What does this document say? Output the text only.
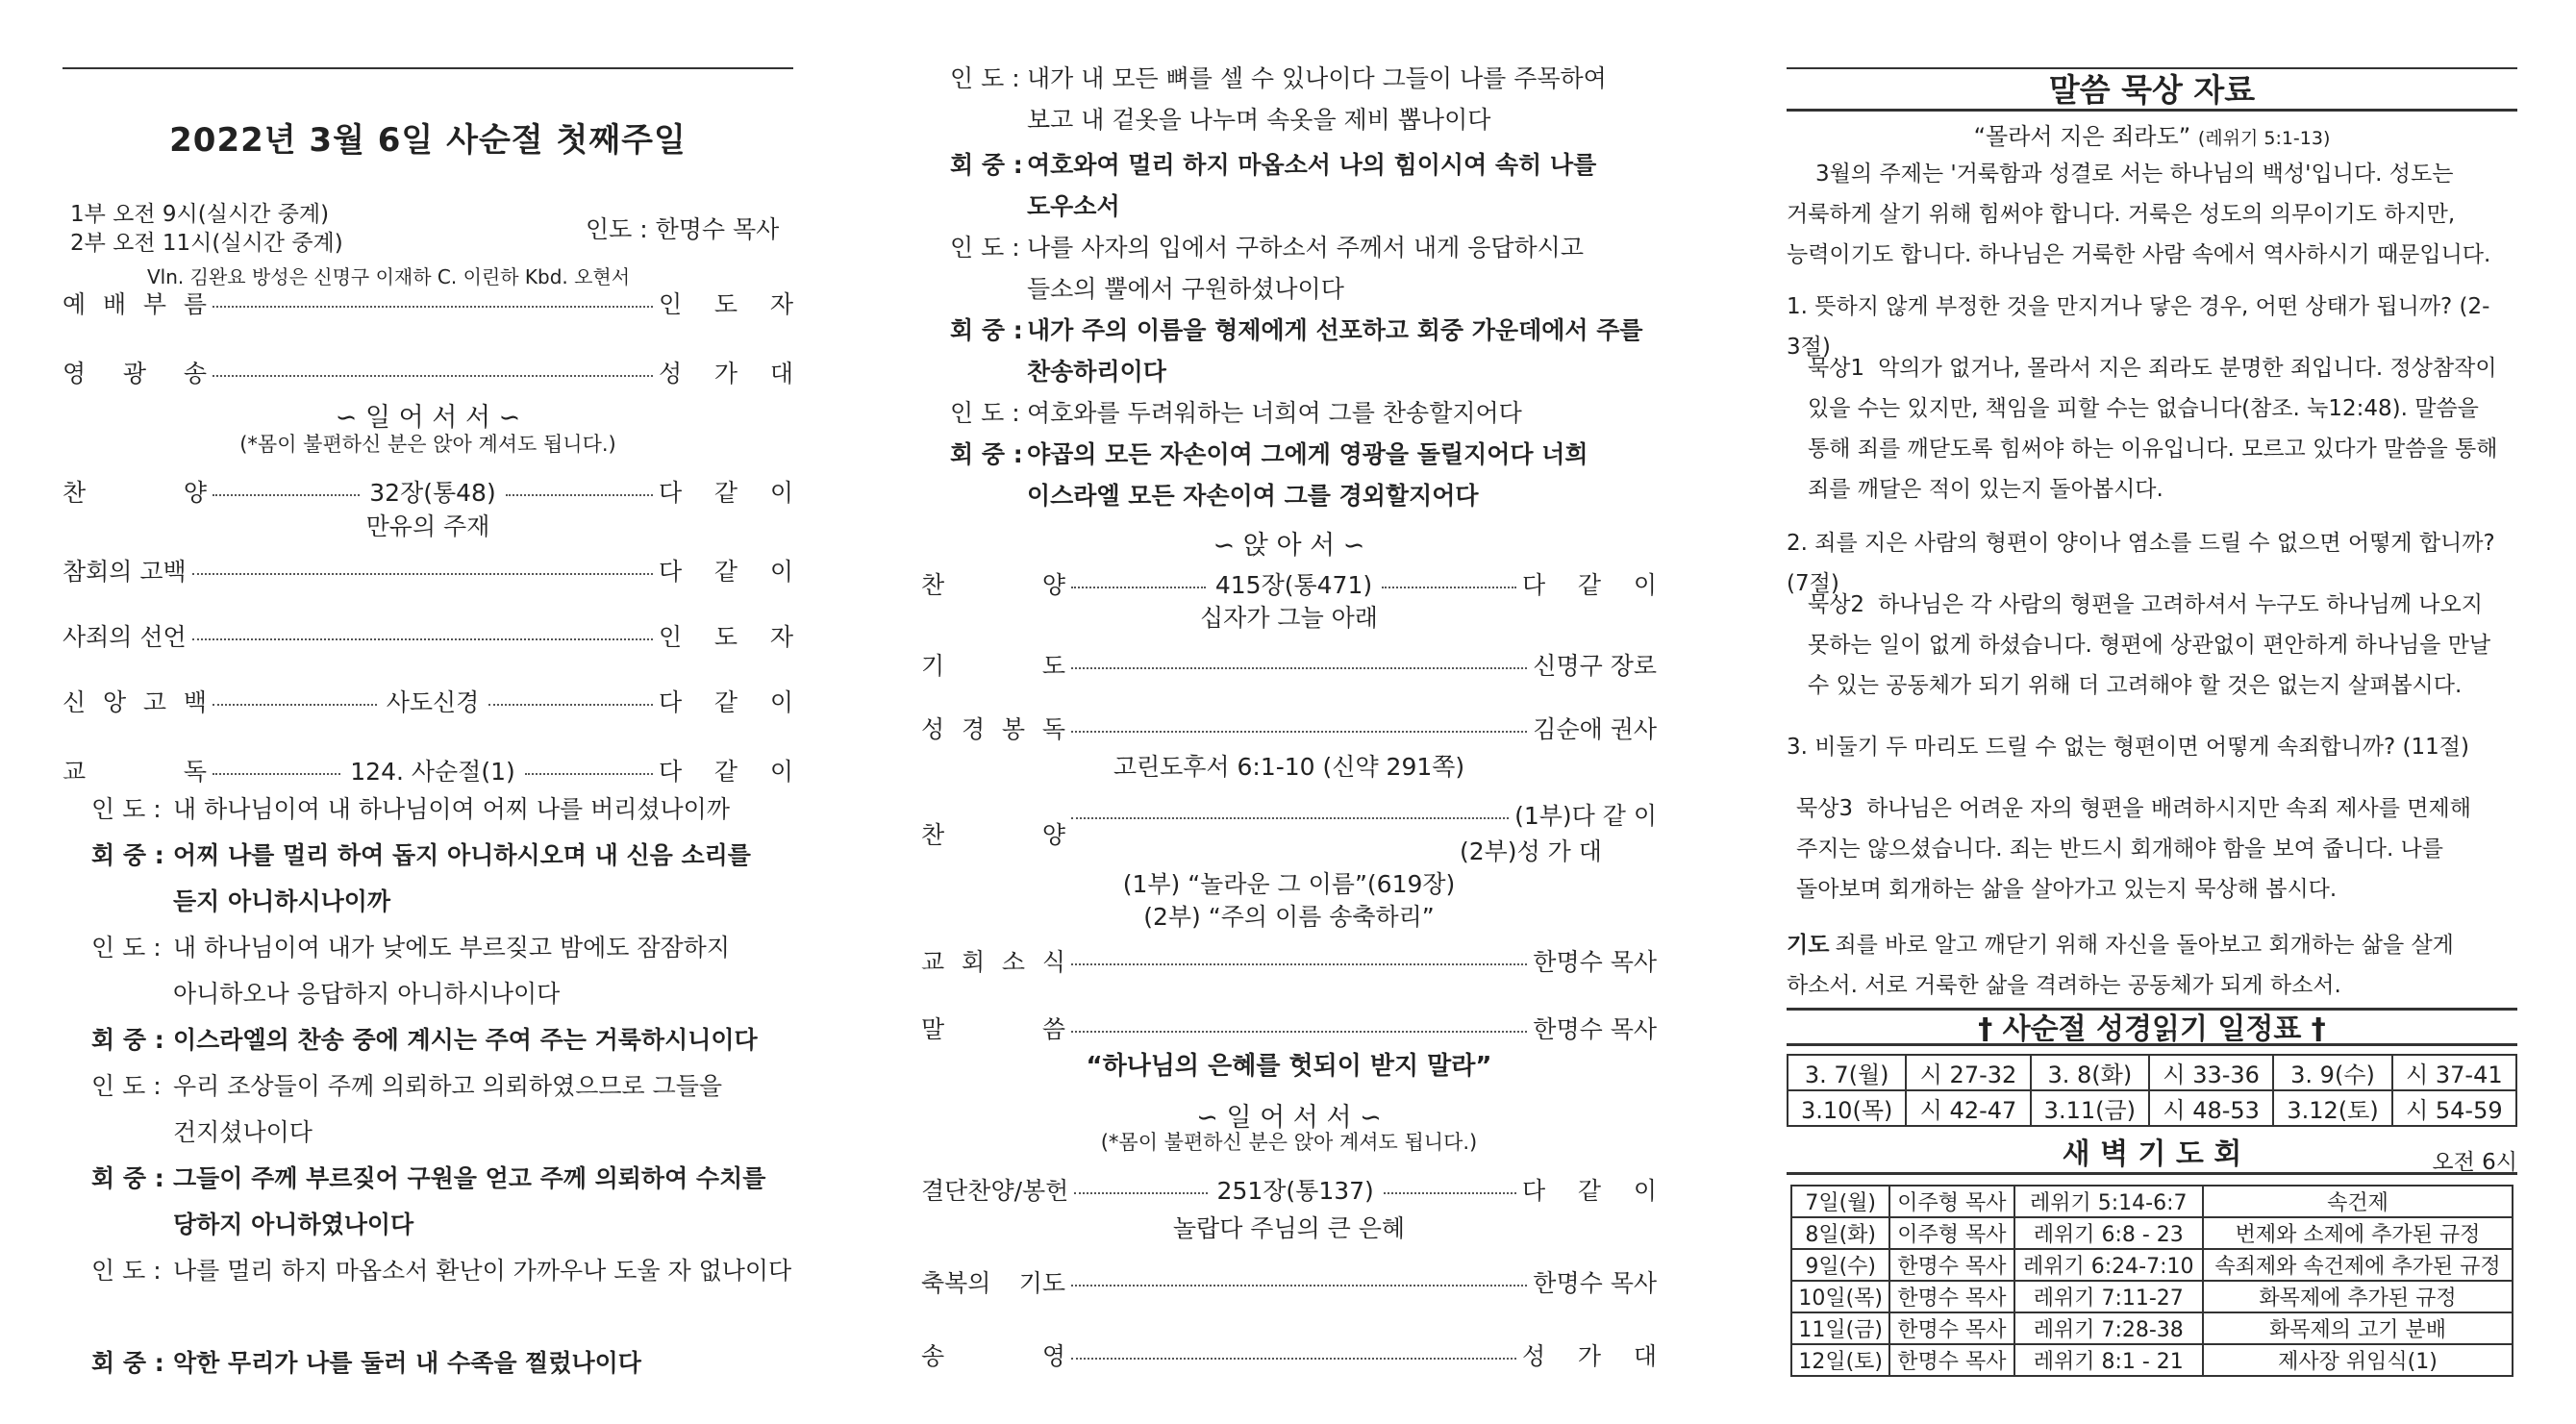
2022년 3월 6일 사순절 첫째주일
1부 오전 9시(실시간 중계)
2부 오전 11시(실시간 중계)	인도 : 한명수 목사
Vln. 김완요 방성은 신명구 이재하 C. 이린하 Kbd. 오현서
예 배 부 름	인 도 자
영 광 송	성 가 대
∽ 일 어 서 서 ∽
(*몸이 불편하신 분은 앉아 계셔도 됩니다.)
찬 양	32장(통48)	다 같 이
만유의 주재
참회의 고백	다 같 이
사죄의 선언	인 도 자
신 앙 고 백	사도신경	다 같 이
교 독	124. 사순절(1)	다 같 이
인 도 : 내 하나님이여 내 하나님이여 어찌 나를 버리셨나이까
회 중 : 어찌 나를 멀리 하여 돕지 아니하시오며 내 신음 소리를 듣지 아니하시나이까
인 도 : 내 하나님이여 내가 낮에도 부르짖고 밤에도 잠잠하지 아니하오나 응답하지 아니하시나이다
회 중 : 이스라엘의 찬송 중에 계시는 주여 주는 거룩하시니이다
인 도 : 우리 조상들이 주께 의뢰하고 의뢰하였으므로 그들을 건지셨나이다
회 중 : 그들이 주께 부르짖어 구원을 얻고 주께 의뢰하여 수치를 당하지 아니하였나이다
인 도 : 나를 멀리 하지 마옵소서 환난이 가까우나 도울 자 없나이다
회 중 : 악한 무리가 나를 둘러 내 수족을 찔렀나이다
인 도 : 내가 내 모든 뼈를 셀 수 있나이다 그들이 나를 주목하여 보고 내 겉옷을 나누며 속옷을 제비 뽑나이다
회 중 : 여호와여 멀리 하지 마옵소서 나의 힘이시여 속히 나를 도우소서
인 도 : 나를 사자의 입에서 구하소서 주께서 내게 응답하시고 들소의 뿔에서 구원하셨나이다
회 중 : 내가 주의 이름을 형제에게 선포하고 회중 가운데에서 주를 찬송하리이다
인 도 : 여호와를 두려워하는 너희여 그를 찬송할지어다
회 중 : 야곱의 모든 자손이여 그에게 영광을 돌릴지어다 너희 이스라엘 모든 자손이여 그를 경외할지어다
∽ 앉 아 서 ∽
찬 양	415장(통471)	다 같 이
십자가 그늘 아래
기 도	신명구 장로
성 경 봉 독	김순애 권사
고린도후서 6:1-10 (신약 291쪽)
찬 양
(1부)다 같 이
(2부)성 가 대
(1부) “놀라운 그 이름”(619장)
(2부) “주의 이름 송축하리”
교 회 소 식	한명수 목사
말 씀	한명수 목사
“하나님의 은혜를 헛되이 받지 말라”
∽ 일 어 서 서 ∽
(*몸이 불편하신 분은 앉아 계셔도 됩니다.)
결단찬양/봉헌	251장(통137)	다 같 이
놀랍다 주님의 큰 은혜
축복의 기도	한명수 목사
송 영	성 가 대
말씀 묵상 자료
“몰라서 지은 죄라도” (레위기 5:1-13)
3월의 주제는 '거룩함과 성결로 서는 하나님의 백성'입니다. 성도는 거룩하게 살기 위해 힘써야 합니다. 거룩은 성도의 의무이기도 하지만, 능력이기도 합니다. 하나님은 거룩한 사람 속에서 역사하시기 때문입니다.
1. 뜻하지 않게 부정한 것을 만지거나 닿은 경우, 어떤 상태가 됩니까? (2-3절)
묵상1 악의가 없거나, 몰라서 지은 죄라도 분명한 죄입니다. 정상참작이 있을 수는 있지만, 책임을 피할 수는 없습니다(참조. 눅12:48). 말씀을 통해 죄를 깨닫도록 힘써야 하는 이유입니다. 모르고 있다가 말씀을 통해 죄를 깨달은 적이 있는지 돌아봅시다.
2. 죄를 지은 사람의 형편이 양이나 염소를 드릴 수 없으면 어떻게 합니까? (7절)
묵상2 하나님은 각 사람의 형편을 고려하셔서 누구도 하나님께 나오지 못하는 일이 없게 하셨습니다. 형편에 상관없이 편안하게 하나님을 만날 수 있는 공동체가 되기 위해 더 고려해야 할 것은 없는지 살펴봅시다.
3. 비둘기 두 마리도 드릴 수 없는 형편이면 어떻게 속죄합니까? (11절)
묵상3 하나님은 어려운 자의 형편을 배려하시지만 속죄 제사를 면제해 주지는 않으셨습니다. 죄는 반드시 회개해야 함을 보여 줍니다. 나를 돌아보며 회개하는 삶을 살아가고 있는지 묵상해 봅시다.
기도 죄를 바로 알고 깨닫기 위해 자신을 돌아보고 회개하는 삶을 살게 하소서. 서로 거룩한 삶을 격려하는 공동체가 되게 하소서.
† 사순절 성경읽기 일정표 †
3. 7(월)	시 27-32	3. 8(화)	시 33-36	3. 9(수)	시 37-41
3.10(목)	시 42-47	3.11(금)	시 48-53	3.12(토)	시 54-59
새 벽 기 도 회	오전 6시
7일(월)	이주형 목사	레위기 5:14-6:7	속건제
8일(화)	이주형 목사	레위기 6:8 - 23	번제와 소제에 추가된 규정
9일(수)	한명수 목사	레위기 6:24-7:10	속죄제와 속건제에 추가된 규정
10일(목)	한명수 목사	레위기 7:11-27	화목제에 추가된 규정
11일(금)	한명수 목사	레위기 7:28-38	화목제의 고기 분배
12일(토)	한명수 목사	레위기 8:1 - 21	제사장 위임식(1)
